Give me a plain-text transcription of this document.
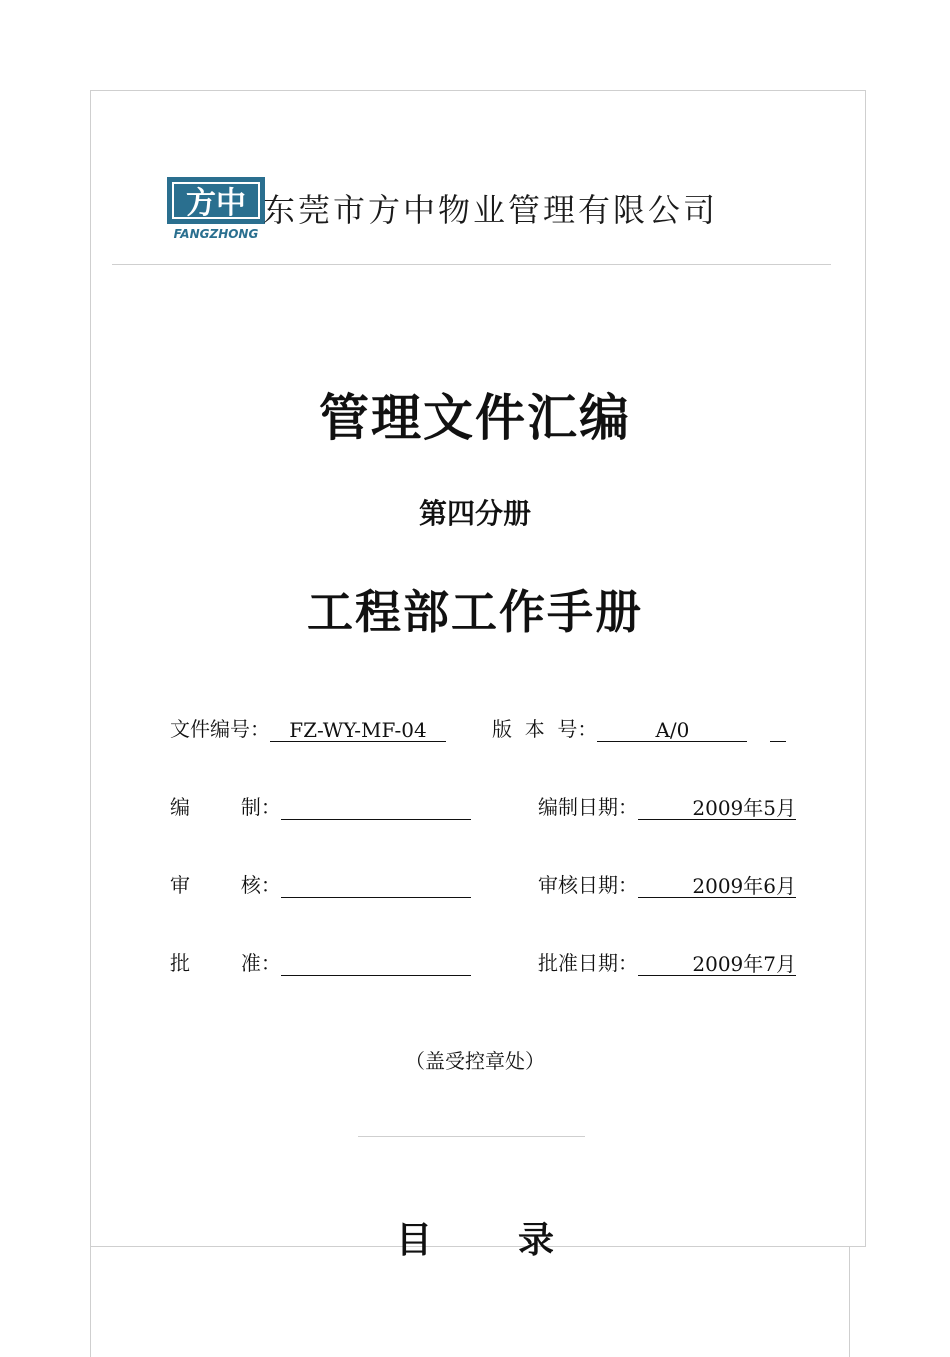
方中
FANGZHONG
东莞市方中物业管理有限公司
管理文件汇编
第四分册
工程部工作手册
文件编号： FZ-WY-MF-04	版  本  号：	A/0
编        制：	编制日期：	2009年5月
审        核：	审核日期：	2009年6月
批        准：	批准日期：	2009年7月
（盖受控章处）
目 录
